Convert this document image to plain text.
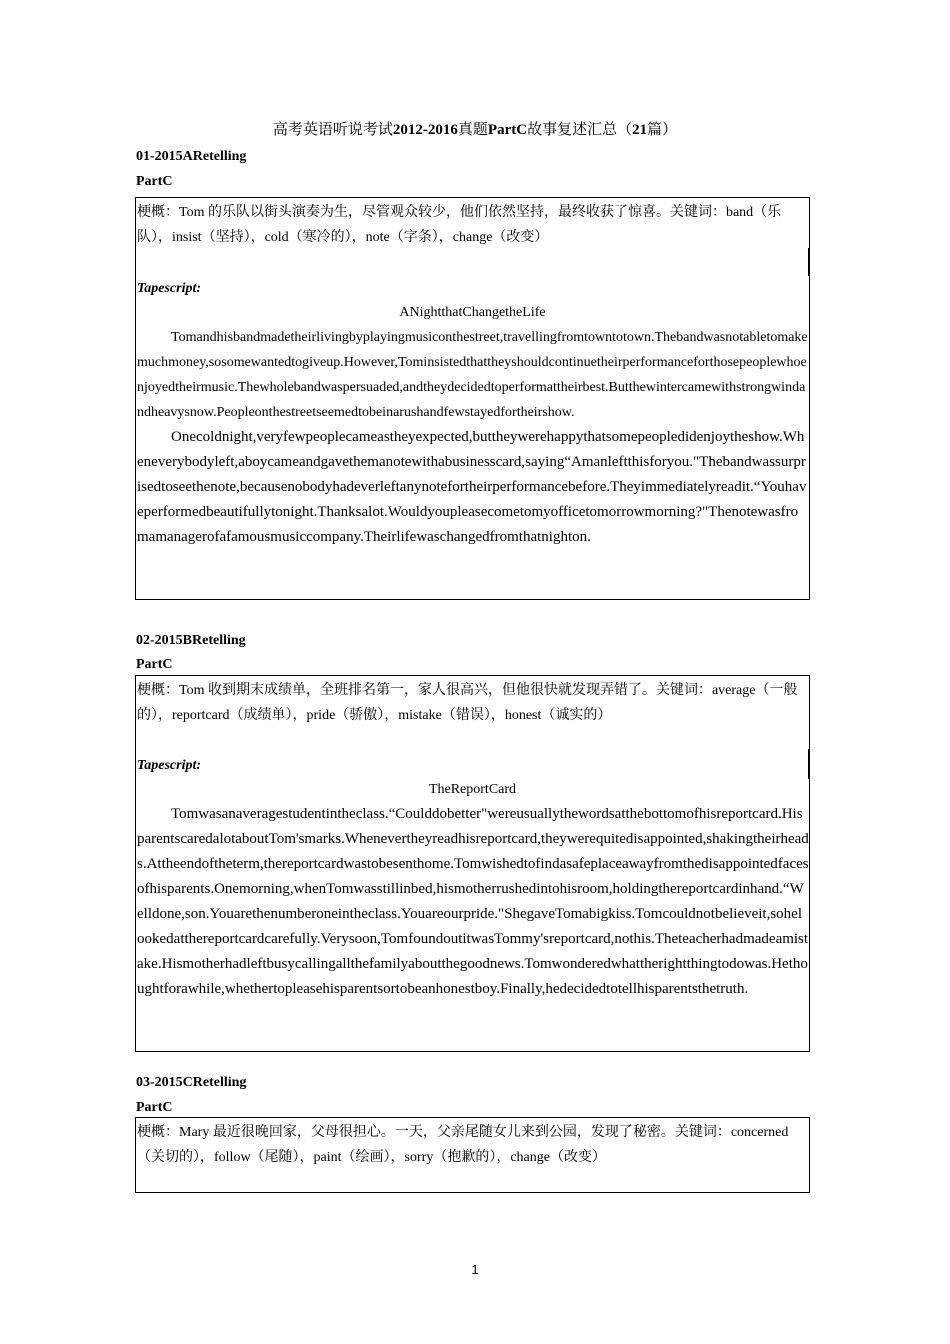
高考英语听说考试2012-2016真题PartC故事复述汇总（21篇）
01-2015ARetelling
PartC
梗概：Tom 的乐队以街头演奏为生，尽管观众较少，他们依然坚持，最终收获了惊喜。关键词：band（乐队），insist（坚持），cold（寒冷的），note（字条），change（改变）
Tapescript:
ANightthatChangetheLife

Tomandhisbandmadetheirlivingbyplayingmusiconthestreet,travellingfromtowntotown.Thebandwasnotabletomakemuchmoney,sosomewantedtogiveup.However,Tominsistedthattheyshouldcontinuetheirperformanceforthosepeoplewhoenjoyedtheirmusic.Thewholebandwaspersuaded,andtheydecidedtoperformattheirbest.Butthewintercamewithstrongwindandheavysnow.Peopleonthestreetseemedtobeinarushandfewstayedfortheirshow.

Onecoldnight,veryfewpeoplecameastheyexpected,buttheywerehappythatsomepeopledidenjoytheshow.Wheneverybodyleft,aboycameandgavethemanotewithabusinesscard,saying“Amanleftthisforyou."Thebandwassurprisedtoseethenote,becausenobodyhadeverleftanynotefortheirperformancebefore.Theyimmediatelyreadit.“Youhaveperformedbeautifullytonight.Thanksalot.Wouldyoupleasecometomyofficetomorrowmorning?"Thenotewasfromamanagerofafamousmusiccompany.Theirlifewaschangedfromthatnighton.

02-2015BRetelling
PartC
梗概：Tom 收到期末成绩单，全班排名第一，家人很高兴，但他很快就发现弄错了。关键词：average（一般的），reportcard（成绩单），pride（骄傲），mistake（错误），honest（诚实的）
Tapescript:
TheReportCard

Tomwasanaveragestudentintheclass.“Coulddobetter"wereusuallythewordsatthebottomofhisreportcard.HisparentscaredalotaboutTom'smarks.Whenevertheyreadhisreportcard,theywerequitedisappointed,shakingtheirheads.Attheendoftheterm,thereportcardwastobesenthome.Tomwishedtofindasafeplaceawayfromthedisappointedfacesofhisparents.Onemorning,whenTomwasstillinbed,hismotherrushedintohisroom,holdingthereportcardinhand.“Welldone,son.Youarethenumberoneintheclass.Youareourpride."ShegaveTomabigkiss.Tomcouldnotbelieveit,sohelookedatthereportcardcarefully.Verysoon,TomfoundoutitwasTommy'sreportcard,nothis.Theteacherhadmadeamistake.Hismotherhadleftbusycallingallthefamilyaboutthegoodnews.Tomwonderedwhattherightthingtodowas.Hethoughtforawhile,whethertopleasehisparentsortobeanhonestboy.Finally,hedecidedtotellhisparentsthetruth.

03-2015CRetelling
PartC
梗概：Mary 最近很晚回家，父母很担心。一天，父亲尾随女儿来到公园，发现了秘密。关键词：concerned（关切的），follow（尾随），paint（绘画），sorry（抱歉的），change（改变）
1
